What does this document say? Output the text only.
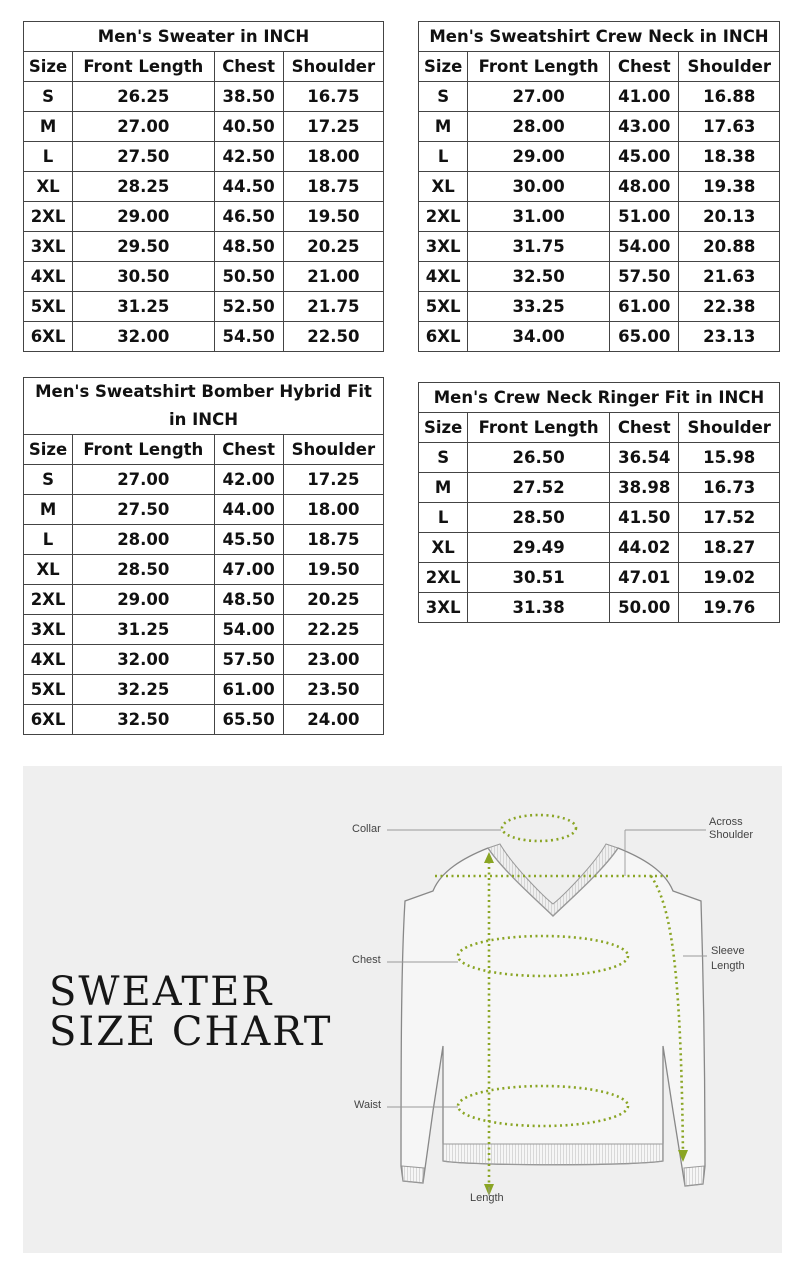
Men's Sweater in INCH			
Size	Front Length	Chest	Shoulder
S	26.25	38.50	16.75
M	27.00	40.50	17.25
L	27.50	42.50	18.00
XL	28.25	44.50	18.75
2XL	29.00	46.50	19.50
3XL	29.50	48.50	20.25
4XL	30.50	50.50	21.00
5XL	31.25	52.50	21.75
6XL	32.00	54.50	22.50
Men's Sweatshirt Crew Neck in INCH			
Size	Front Length	Chest	Shoulder
S	27.00	41.00	16.88
M	28.00	43.00	17.63
L	29.00	45.00	18.38
XL	30.00	48.00	19.38
2XL	31.00	51.00	20.13
3XL	31.75	54.00	20.88
4XL	32.50	57.50	21.63
5XL	33.25	61.00	22.38
6XL	34.00	65.00	23.13
Men's Sweatshirt Bomber Hybrid Fit in INCH			
Size	Front Length	Chest	Shoulder
S	27.00	42.00	17.25
M	27.50	44.00	18.00
L	28.00	45.50	18.75
XL	28.50	47.00	19.50
2XL	29.00	48.50	20.25
3XL	31.25	54.00	22.25
4XL	32.00	57.50	23.00
5XL	32.25	61.00	23.50
6XL	32.50	65.50	24.00
Men's Crew Neck Ringer Fit in INCH			
Size	Front Length	Chest	Shoulder
S	26.50	36.54	15.98
M	27.52	38.98	16.73
L	28.50	41.50	17.52
XL	29.49	44.02	18.27
2XL	30.51	47.01	19.02
3XL	31.38	50.00	19.76
SWEATER
SIZE CHART
Collar
Across
Shoulder
Chest
Sleeve
Length
Waist
Length
